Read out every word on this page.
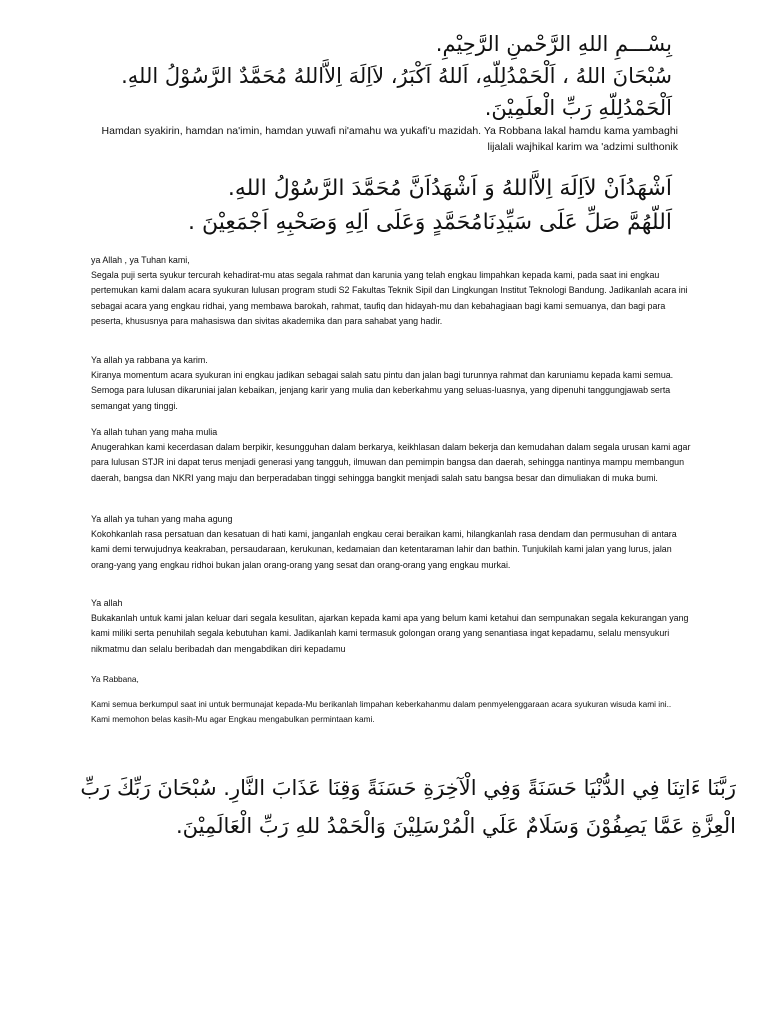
بِسْـــمِ اللهِ الرَّحْمنِ الرَّحِيْمِ.
سُبْحَانَ اللهُ ، اَلْحَمْدُلِلّهِ، اَللهُ اَكْبَرُ، لاَاِلَهَ اِلاَّاللهُ مُحَمَّدٌ الرَّسُوْلُ اللهِ.
اَلْحَمْدُلِلّهِ رَبِّ الْعلَمِيْنَ.
Hamdan syakirin, hamdan na'imin, hamdan yuwafi ni'amahu wa yukafi'u mazidah. Ya Robbana lakal hamdu kama yambaghi lijalali wajhikal karim wa 'adzimi sulthonik
اَشْهَدُاَنْ لاَاِلَهَ اِلاَّاللهُ وَ اَشْهَدُاَنَّ مُحَمَّدَ الرَّسُوْلُ اللهِ.
اَللّهُمَّ صَلِّ عَلَى سَيِّدِنَامُحَمَّدٍ وَعَلَى اَلِهِ وَصَحْبِهِ اَجْمَعِيْنَ .

ya Allah , ya Tuhan kami,

Segala puji serta syukur tercurah kehadirat-mu atas segala rahmat dan karunia yang telah engkau limpahkan kepada kami, pada saat ini engkau pertemukan kami dalam acara syukuran lulusan program studi S2 Fakultas Teknik Sipil dan Lingkungan Institut Teknologi Bandung. Jadikanlah acara ini sebagai acara yang engkau ridhai, yang membawa barokah, rahmat, taufiq dan hidayah-mu dan kebahagiaan bagi kami semuanya, dan bagi para peserta, khususnya para mahasiswa dan sivitas akademika dan para sahabat yang hadir.

Ya allah ya rabbana ya karim.

Kiranya momentum acara syukuran ini engkau jadikan sebagai salah satu pintu dan jalan bagi turunnya rahmat dan karuniamu kepada kami semua. Semoga para lulusan dikaruniai jalan kebaikan, jenjang karir yang mulia dan keberkahmu yang seluas-luasnya, yang dipenuhi tanggungjawab serta semangat yang tinggi.

Ya allah tuhan yang maha mulia

Anugerahkan kami kecerdasan dalam berpikir, kesungguhan dalam berkarya, keikhlasan dalam bekerja dan kemudahan dalam segala urusan kami agar para lulusan STJR ini dapat terus menjadi generasi yang tangguh, ilmuwan dan pemimpin bangsa dan daerah, sehingga nantinya mampu membangun daerah, bangsa dan NKRI yang maju dan berperadaban tinggi sehingga bangkit menjadi salah satu bangsa besar dan dimuliakan di muka bumi.

Ya allah ya tuhan yang maha agung

Kokohkanlah rasa persatuan dan kesatuan di hati kami, janganlah engkau cerai beraikan kami, hilangkanlah rasa dendam dan permusuhan di antara kami demi terwujudnya keakraban, persaudaraan, kerukunan, kedamaian dan ketentaraman lahir dan bathin. Tunjukilah kami jalan yang lurus, jalan orang-yang yang engkau ridhoi bukan jalan orang-orang yang sesat dan orang-orang yang engkau murkai.

Ya allah

Bukakanlah untuk kami jalan keluar dari segala kesulitan, ajarkan kepada kami apa yang belum kami ketahui dan sempunakan segala kekurangan yang kami miliki serta penuhilah segala kebutuhan kami. Jadikanlah kami termasuk golongan orang yang senantiasa ingat kepadamu, selalu mensyukuri nikmatmu dan selalu beribadah dan mengabdikan diri kepadamu

Ya Rabbana,

Kami semua berkumpul saat ini untuk bermunajat kepada-Mu berikanlah limpahan keberkahanmu dalam penmyelenggaraan acara syukuran wisuda kami ini.. Kami memohon belas kasih-Mu agar Engkau mengabulkan permintaan kami.

رَبَّنَا ءَاتِنَا فِي الدُّنْيَا حَسَنَةً وَفِي الْآخِرَةِ حَسَنَةً وَقِنَا عَذَابَ النَّارِ. سُبْحَانَ رَبِّكَ رَبِّ
الْعِزَّةِ عَمَّا يَصِفُوْنَ وَسَلَامٌ عَلَي الْمُرْسَلِيْنَ وَالْحَمْدُ للهِ رَبِّ الْعَالَمِيْنَ.
